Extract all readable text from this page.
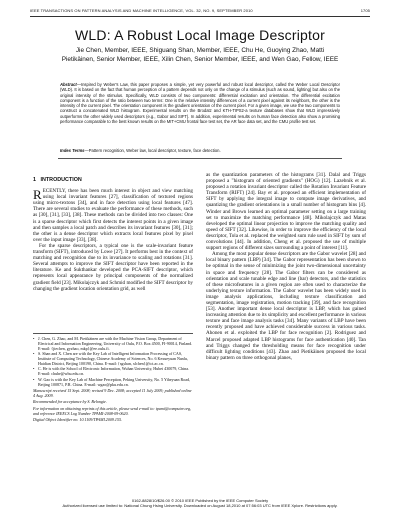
IEEE TRANSACTIONS ON PATTERN ANALYSIS AND MACHINE INTELLIGENCE, VOL. 32, NO. 9, SEPTEMBER 2010	1705
WLD: A Robust Local Image Descriptor
Jie Chen, Member, IEEE, Shiguang Shan, Member, IEEE, Chu He, Guoying Zhao, Matti Pietikäinen, Senior Member, IEEE, Xilin Chen, Senior Member, IEEE, and Wen Gao, Fellow, IEEE
Abstract—Inspired by Weber's Law, this paper proposes a simple, yet very powerful and robust local descriptor, called the Weber Local Descriptor (WLD). It is based on the fact that human perception of a pattern depends not only on the change of a stimulus (such as sound, lighting) but also on the original intensity of the stimulus. Specifically, WLD consists of two components: differential excitation and orientation. The differential excitation component is a function of the ratio between two terms: One is the relative intensity differences of a current pixel against its neighbors, the other is the intensity of the current pixel. The orientation component is the gradient orientation of the current pixel. For a given image, we use the two components to construct a concatenated WLD histogram. Experimental results on the Brodatz and KTH-TIPS2-a texture databases show that WLD impressively outperforms the other widely used descriptors (e.g., Gabor and SIFT). In addition, experimental results on human face detection also show a promising performance comparable to the best known results on the MIT+CMU frontal face test set, the AR face data set, and the CMU profile test set.
Index Terms—Pattern recognition, Weber law, local descriptor, texture, face detection.
1 INTRODUCTION

RECENTLY, there has been much interest in object and view matching using local invariant features [27], classification of textured regions using micro-textons [34], and in face detection using local features [47]. There are several studies to evaluate the performance of these methods, such as [30], [31], [33], [38]. These methods can be divided into two classes: One is a sparse descriptor which first detects the interest points in a given image and then samples a local patch and describes its invariant features [30], [31]; the other is a dense descriptor which extracts local features pixel by pixel over the input image [33], [38].

For the sparse descriptors, a typical one is the scale-invariant feature transform (SIFT), introduced by Lowe [27]. It performs best in the context of matching and recognition due to its invariance to scaling and rotations [31]. Several attempts to improve the SIFT descriptor have been reported in the literature. Ke and Sukthankar developed the PCA-SIFT descriptor, which represents local appearance by principal components of the normalized gradient field [23]. Mikolajczyk and Schmid modified the SIFT descriptor by changing the gradient location orientation grid, as well

• J. Chen, G. Zhao, and M. Pietikäinen are with the Machine Vision Group, Department of Electrical and Information Engineering, University of Oulu, P.O. Box 4500, FI-90014, Finland. E-mail: {jiechen, gyzhao, mkp}@ee.oulu.fi.
• S. Shan and X. Chen are with the Key Lab of Intelligent Information Processing of CAS, Institute of Computing Technology, Chinese Academy of Sciences, No. 6 Kexueyuan Nanlu, Haidian District, Beijing 100190, China. E-mail: {sgshan, xlchen}@ict.ac.cn.
• C. He is with the School of Electronic Information, Wuhan University, Hubei 430079, China. E-mail: chuhe@whu.edu.cn.
• W. Gao is with the Key Lab of Machine Perception, Peking University, No. 5 Yiheyuan Road, Beijing 100871, P.R. China. E-mail: wgao@pku.edu.cn.

Manuscript received 15 Sept. 2008; revised 9 Dec. 2008; accepted 11 July 2009; published online 4 Aug. 2009.

Recommended for acceptance by S. Belongie.

For information on obtaining reprints of this article, please send e-mail to: tpami@computer.org, and reference IEEECS Log Number TPAMI-2008-09-0620.

Digital Object Identifier no. 10.1109/TPAMI.2009.155.

as the quantization parameters of the histograms [31]. Dalal and Triggs proposed a "histogram of oriented gradients" (HOG) [12]. Lazebnik et al. proposed a rotation invariant descriptor called the Rotation Invariant Feature Transform (RIFT) [24]. Bay et al. proposed an efficient implementation of SIFT by applying the integral image to compute image derivatives, and quantizing the gradient orientations in a small number of histogram bins [4]. Winder and Brown learned an optimal parameter setting on a large training set to maximize the matching performance [48]. Mikolajczyk and Matas developed the optimal linear projection to improve the matching quality and speed of SIFT [32]. Likewise, in order to improve the efficiency of the local descriptor, Tola et al. replaced the weighted sum rule used in SIFT by sum of convolutions [44]. In addition, Cheng et al. proposed the use of multiple support regions of different sizes surrounding a point of interest [11].

Among the most popular dense descriptors are the Gabor wavelet [28] and local binary pattern (LBP) [34]. The Gabor representation has been shown to be optimal in the sense of minimizing the joint two-dimensional uncertainty in space and frequency [28]. The Gabor filters can be considered as orientation and scale tunable edge and line (bar) detectors, and the statistics of these microfeatures in a given region are often used to characterize the underlying texture information. The Gabor wavelet has been widely used in image analysis applications, including texture classification and segmentation, image registration, motion tracking [39], and face recognition [53]. Another important dense local descriptor is LBP, which has gained increasing attention due to its simplicity and excellent performance in various texture and face image analysis tasks [34]. Many variants of LBP have been recently proposed and have achieved considerable success in various tasks. Ahonen et al. exploited the LBP for face recognition [2]. Rodriguez and Marcel proposed adapted LBP histograms for face authentication [40]. Tan and Triggs changed the thresholding means for face recognition under difficult lighting conditions [43]. Zhao and Pietikäinen proposed the local binary pattern on three orthogonal planes,

0162-8828/10/$26.00 © 2010 IEEE Published by the IEEE Computer Society
Authorized licensed use limited to: National Chung Hsing University. Downloaded on August 18,2010 at 07:56:03 UTC from IEEE Xplore. Restrictions apply.
